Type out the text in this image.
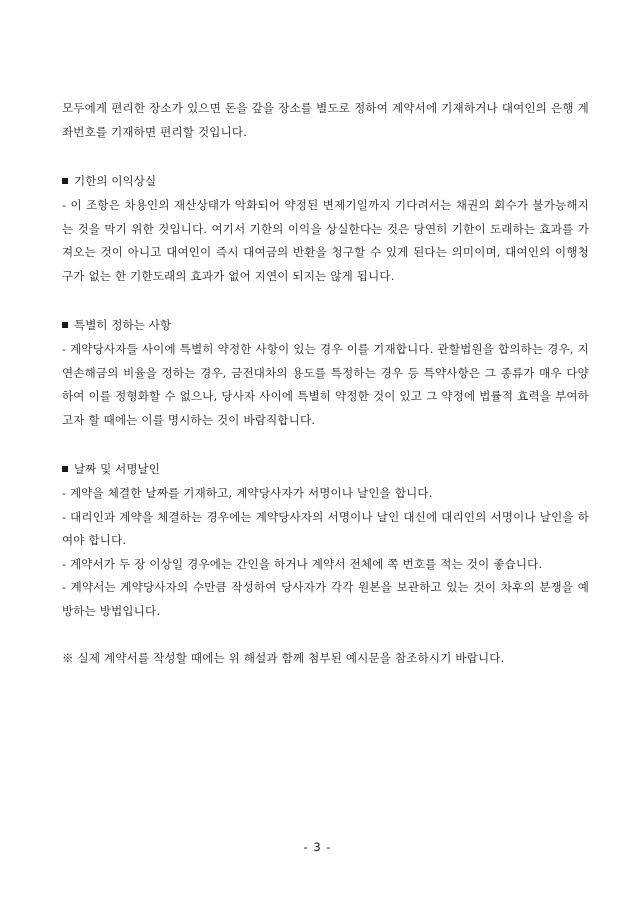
모두에게 편리한 장소가 있으면 돈을 갚을 장소를 별도로 정하여 계약서에 기재하거나 대여인의 은행 계좌번호를 기재하면 편리할 것입니다.

기한의 이익상실

- 이 조항은 차용인의 재산상태가 악화되어 약정된 변제기일까지 기다려서는 채권의 회수가 불가능해지는 것을 막기 위한 것입니다. 여기서 기한의 이익을 상실한다는 것은 당연히 기한이 도래하는 효과를 가져오는 것이 아니고 대여인이 즉시 대여금의 반환을 청구할 수 있게 된다는 의미이며, 대여인의 이행청구가 없는 한 기한도래의 효과가 없어 지연이 되지는 않게 됩니다.

특별히 정하는 사항

- 계약당사자들 사이에 특별히 약정한 사항이 있는 경우 이를 기재합니다. 관할법원을 합의하는 경우, 지연손해금의 비율을 정하는 경우, 금전대차의 용도를 특정하는 경우 등 특약사항은 그 종류가 매우 다양하여 이를 정형화할 수 없으나, 당사자 사이에 특별히 약정한 것이 있고 그 약정에 법률적 효력을 부여하고자 할 때에는 이를 명시하는 것이 바람직합니다.

날짜 및 서명날인

- 계약을 체결한 날짜를 기재하고, 계약당사자가 서명이나 날인을 합니다.

- 대리인과 계약을 체결하는 경우에는 계약당사자의 서명이나 날인 대신에 대리인의 서명이나 날인을 하여야 합니다.

- 계약서가 두 장 이상일 경우에는 간인을 하거나 계약서 전체에 쪽 번호를 적는 것이 좋습니다.

- 계약서는 계약당사자의 수만큼 작성하여 당사자가 각각 원본을 보관하고 있는 것이 차후의 분쟁을 예방하는 방법입니다.

※ 실제 계약서를 작성할 때에는 위 해설과 함께 첨부된 예시문을 참조하시기 바랍니다.

- 3 -
